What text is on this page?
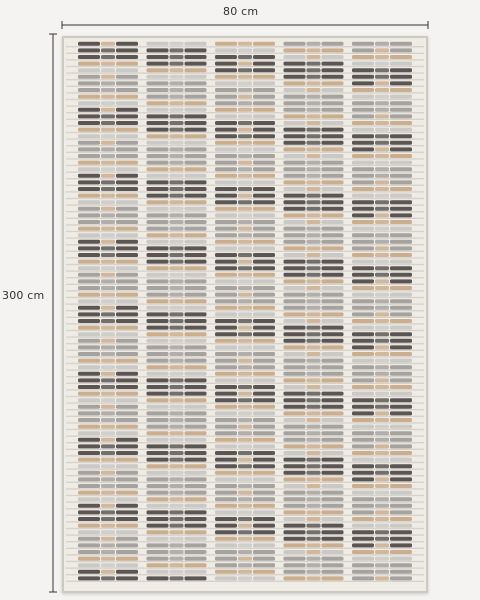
80 cm
300 cm
